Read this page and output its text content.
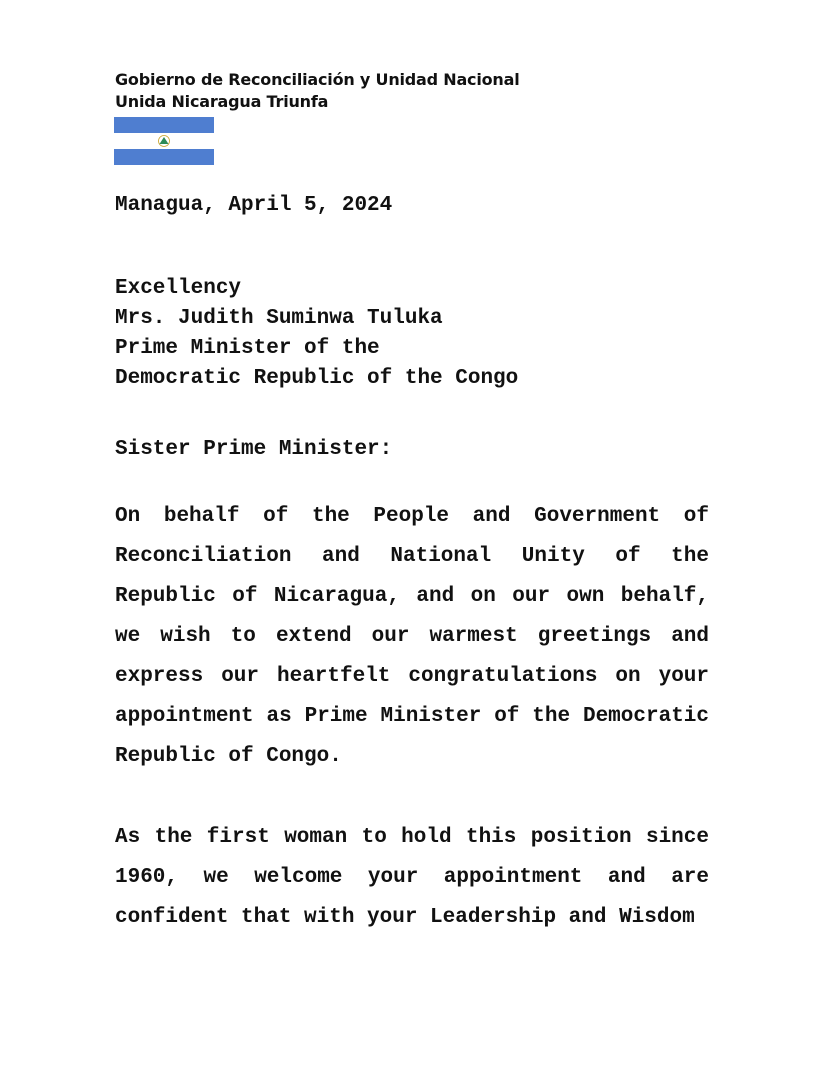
Gobierno de Reconciliación y Unidad Nacional
Unida Nicaragua Triunfa
Managua, April 5, 2024
Excellency
Mrs. Judith Suminwa Tuluka
Prime Minister of the
Democratic Republic of the Congo
Sister Prime Minister:

On behalf of the People and Government of Reconciliation and National Unity of the Republic of Nicaragua, and on our own behalf, we wish to extend our warmest greetings and express our heartfelt congratulations on your appointment as Prime Minister of the Democratic Republic of Congo.

As the first woman to hold this position since 1960, we welcome your appointment and are confident that with your Leadership and Wisdom
